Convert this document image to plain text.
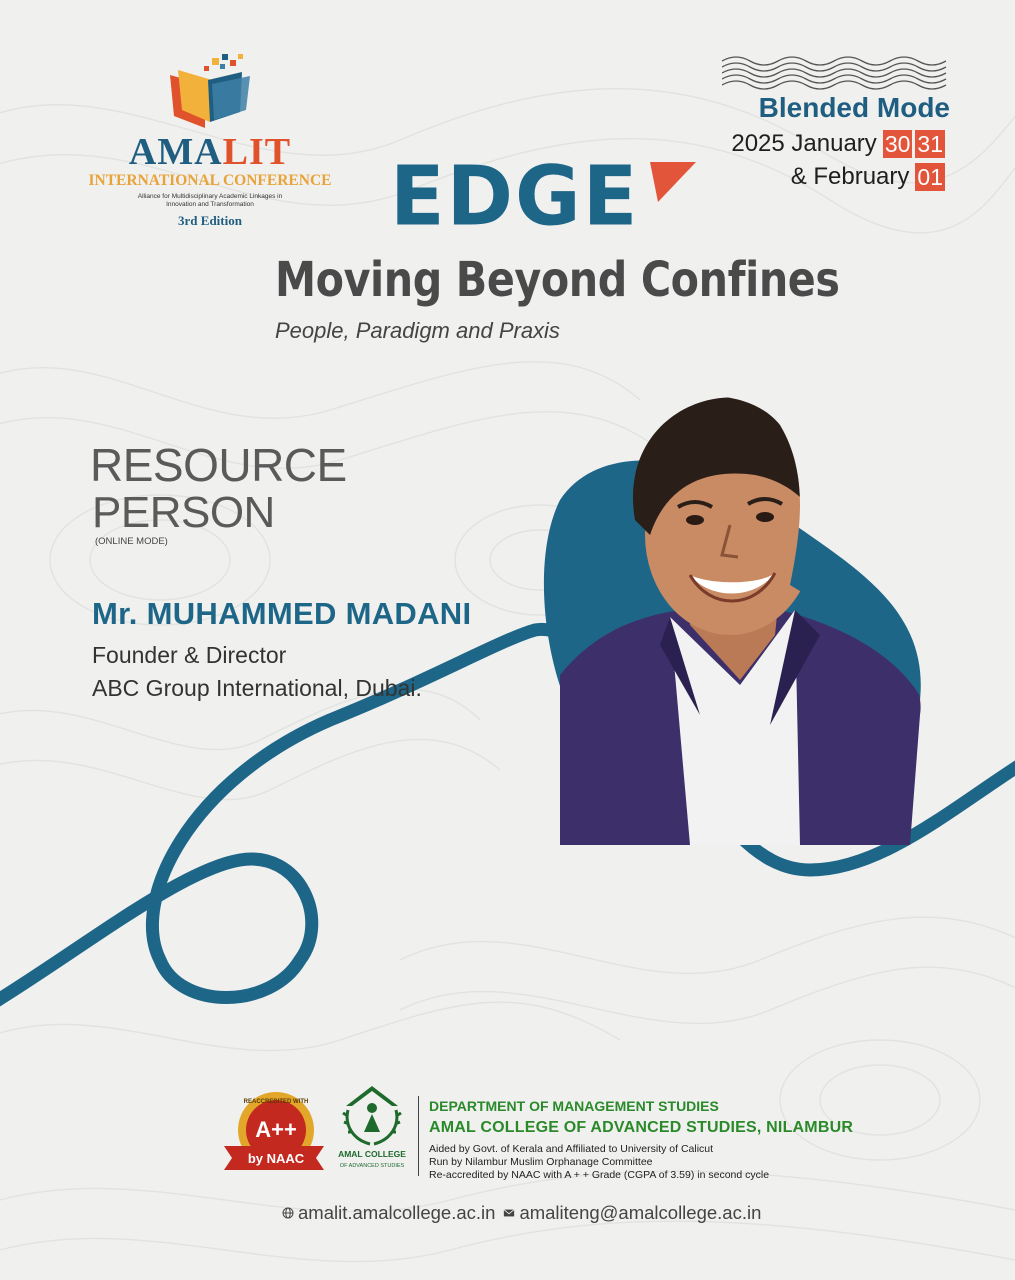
AMALIT
INTERNATIONAL CONFERENCE
Alliance for Multidisciplinary Academic Linkages in Innovation and Transformation
3rd Edition
Blended Mode
2025 January 30 31
& February 01
EDGE
Moving Beyond Confines
People, Paradigm and Praxis
RESOURCE
PERSON
(ONLINE MODE)
Mr. MUHAMMED MADANI
Founder & Director
ABC Group International, Dubai.
REACCREDITED WITH
A++
by NAAC	AMAL COLLEGE
OF ADVANCED STUDIES
DEPARTMENT OF MANAGEMENT STUDIES
AMAL COLLEGE OF ADVANCED STUDIES, NILAMBUR
Aided by Govt. of Kerala and Affiliated to University of Calicut
Run by Nilambur Muslim Orphanage Committee
Re-accredited by NAAC with A + + Grade (CGPA of 3.59) in second cycle
amalit.amalcollege.ac.in amaliteng@amalcollege.ac.in
